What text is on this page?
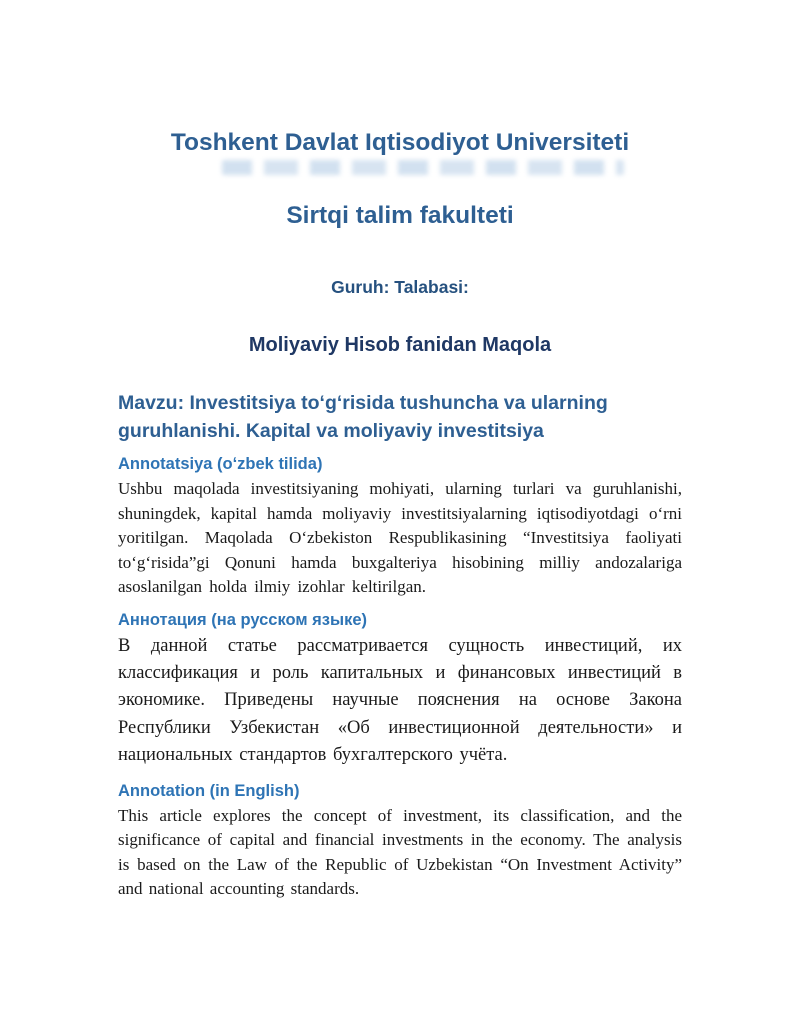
Toshkent Davlat Iqtisodiyot Universiteti
Sirtqi talim fakulteti

Guruh: Talabasi:

Moliyaviy Hisob fanidan Maqola

Mavzu: Investitsiya toʻgʻrisida tushuncha va ularning guruhlanishi. Kapital va moliyaviy investitsiya
Annotatsiya (oʻzbek tilida)

Ushbu maqolada investitsiyaning mohiyati, ularning turlari va guruhlanishi, shuningdek, kapital hamda moliyaviy investitsiyalarning iqtisodiyotdagi oʻrni yoritilgan. Maqolada Oʻzbekiston Respublikasining “Investitsiya faoliyati toʻgʻrisida”gi Qonuni hamda buxgalteriya hisobining milliy andozalariga asoslanilgan holda ilmiy izohlar keltirilgan.

Аннотация (на русском языке)

В данной статье рассматривается сущность инвестиций, их классификация и роль капитальных и финансовых инвестиций в экономике. Приведены научные пояснения на основе Закона Республики Узбекистан «Об инвестиционной деятельности» и национальных стандартов бухгалтерского учёта.

Annotation (in English)

This article explores the concept of investment, its classification, and the significance of capital and financial investments in the economy. The analysis is based on the Law of the Republic of Uzbekistan “On Investment Activity” and national accounting standards.
